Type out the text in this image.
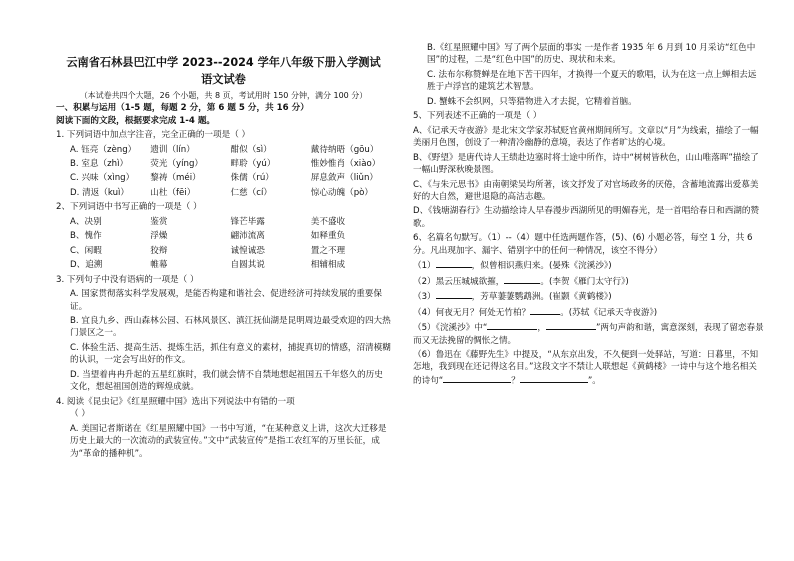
云南省石林县巴江中学 2023--2024 学年八年级下册入学测试

语文试卷

（本试卷共四个大题，26 个小题，共 8 页，考试用时 150 分钟，满分 100 分）

一、积累与运用（1-5 题，每题 2 分，第 6 题 5 分，共 16 分）

阅读下面的文段，根据要求完成 1-4 题。

1. 下列词语中加点字注音，完全正确的一项是（ ）

A. 钰亮（zèng）	遗训（lín）	酣似（sì）	戴待纳晤（gōu）
B. 室息（zhì）	荧光（yíng）	畔聆（yú）	惟妙惟肖（xiào）
C. 兴味（xìng）	黎祷（méi）	侏儒（rú）	屏息敛声（liǔn）
D. 清返（kuì）	山杜（fēi）	仁慈（cí）	惊心动魄（pò）

2、下列词语中书写正确的一项是（ ）

A、决别	鉴赏	锋芒毕露	美不盛收
B、愧作	浮燥	翩沛流离	如释重负
C、闲暇	狡辩	诚惶诚恐	置之不理
D、追溯	帷幕	自圆其说	相辅相成

3. 下列句子中没有语病的一项是（ ）

A. 国家贯彻落实科学发展观，是能否构建和谐社会、促进经济可持续发展的重要保证。

B. 宜良九乡、西山森林公园、石林风景区、滇江抚仙湖是昆明周边最受欢迎的四大热门景区之一。

C. 体验生活、提高生活、提炼生活，抓住有意义的素材，捕捉真切的情感，沼清模糊的认识，一定会写出好的作文。

D. 当望着冉冉升起的五星红旗时，我们就会情不自禁地想起祖国五千年悠久的历史文化，想起祖国创造的辉煌成就。

4. 阅读《昆虫记》《红星照耀中国》选出下列说法中有错的一项

（ ）

A. 美国记者斯诺在《红星照耀中国》一书中写道，“在某种意义上讲，这次大迁移是历史上最大的一次流动的武装宣传。”文中“武装宣传”是指工农红军的万里长征，成为“革命的播种机”。

B.《红星照耀中国》写了两个层面的事实 一是作者 1935 年 6 月到 10 月采访“红色中国”的过程，二是“红色中国”的历史、现状和未来。

C. 法布尔称赞蝉是在地下苦干四年，才换得一个夏天的歌唱，认为在这一点上蝉相去远胜于卢浮宫的建筑艺术智慧。

D. 蟹蛛不会织网，只等猎物进入才去捉，它精着首脑。

5、下列表述不正确的一项是（ ）

A、《记承天寺夜游》是北宋文学家苏轼贬官黄州期间所写。文章以“月”为线索，描绘了一幅美丽月色图，创设了一种清冷幽静的意境，表达了作者旷达的心境。

B、《野望》是唐代诗人王绩赴边塞时将士途中所作，诗中“树树皆秋色，山山唯落晖”描绘了一幅山野深秋晚景图。

C、《与朱元思书》由南朝梁吴均所著，该文抒发了对官场政务的厌倦，含蓄地流露出爱慕美好的大自然，避世退隐的高洁志趣。

D、《钱塘湖春行》生动描绘诗人早春漫步西湖所见的明媚春光，是一首唱给春日和西湖的赞歌。

6、名篇名句默写。（1）--（4）题中任选两题作答，(5)、(6) 小题必答，每空 1 分，共 6 分。凡出现加字、漏字、错别字中的任何一种情况，该空不得分）

（1）	，似曾相识燕归来。(晏殊《浣溪沙》)

（2）黑云压城城欲摧，	。(李贺《雁门太守行》)

（3）	，芳草萋萋鹦鹉洲。(崔颢《黄鹤楼》)

（4）何夜无月？何处无竹柏？	。(苏轼《记承天寺夜游》)

（5）《浣溪沙》中“	，	”两句声韵和谐，寓意深刻，表现了留恋春景而又无法挽留的惆怅之情。

（6）鲁迅在《藤野先生》中提及，“从东京出发，不久便到一处驿站，写道：日暮里，不知怎地，我到现在还记得这名目。”这段文字不禁让人联想起《黄鹤楼》一诗中与这个地名相关的诗句“	？	”。
